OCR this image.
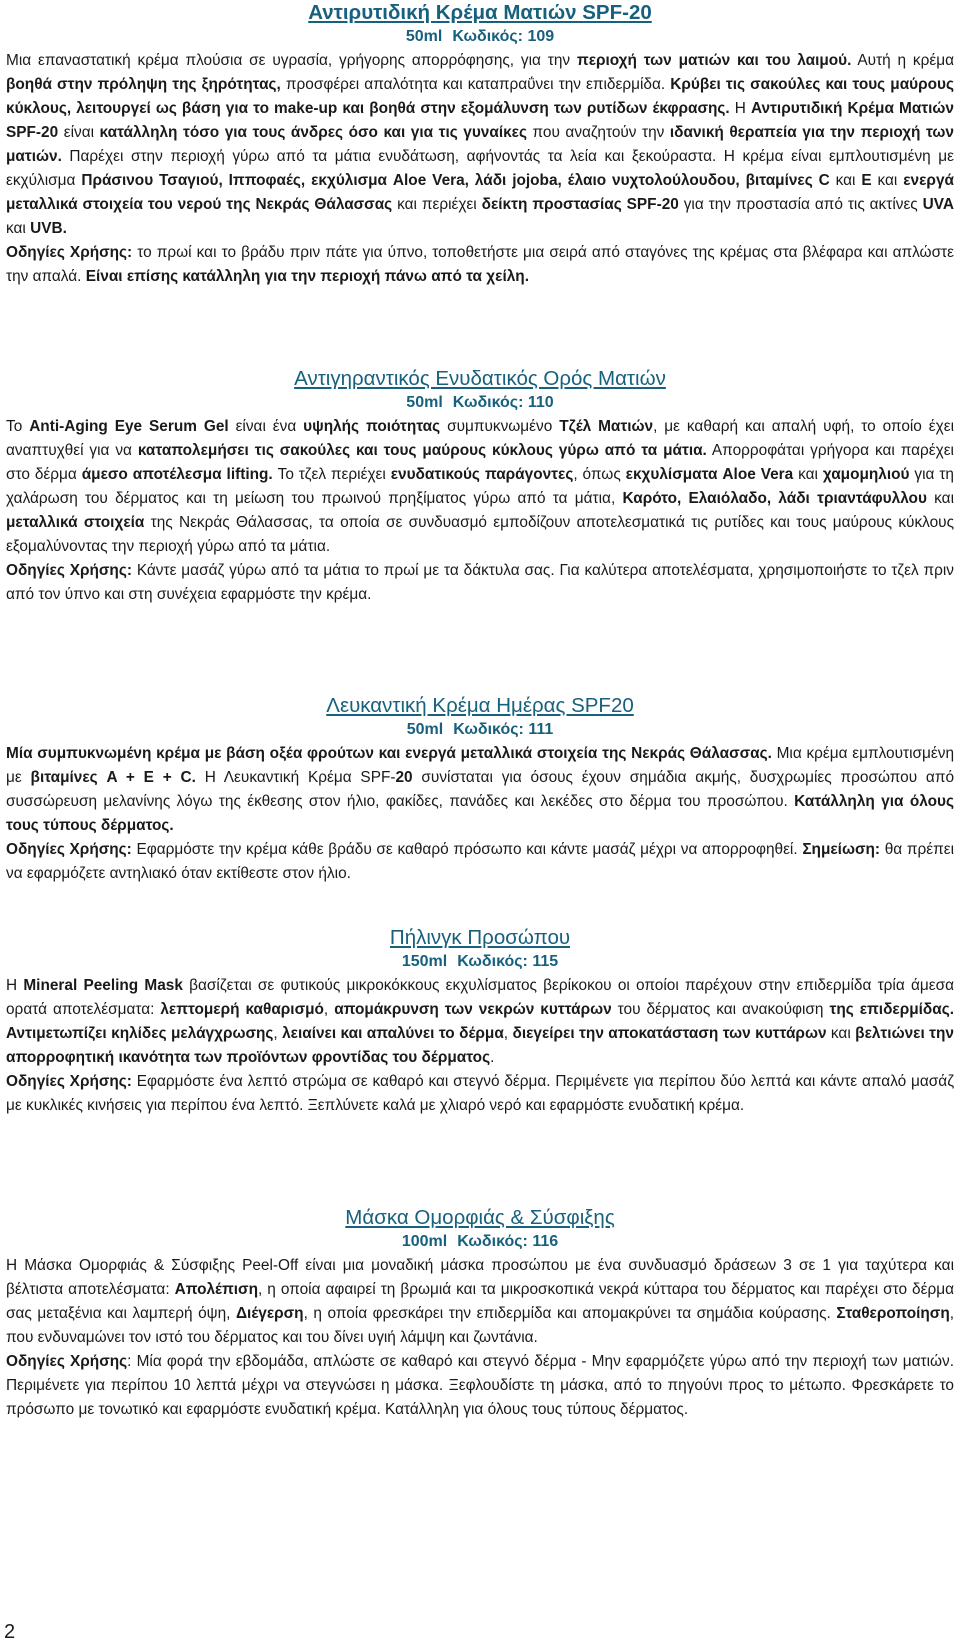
Αντιρυτιδική Κρέμα Ματιών SPF-20
50ml Κωδικός: 109

Μια επαναστατική κρέμα πλούσια σε υγρασία, γρήγορης απορρόφησης, για την περιοχή των ματιών και του λαιμού. Αυτή η κρέμα βοηθά στην πρόληψη της ξηρότητας, προσφέρει απαλότητα και καταπραΰνει την επιδερμίδα. Κρύβει τις σακούλες και τους μαύρους κύκλους, λειτουργεί ως βάση για το make-up και βοηθά στην εξομάλυνση των ρυτίδων έκφρασης. Η Αντιρυτιδική Κρέμα Ματιών SPF-20 είναι κατάλληλη τόσο για τους άνδρες όσο και για τις γυναίκες που αναζητούν την ιδανική θεραπεία για την περιοχή των ματιών. Παρέχει στην περιοχή γύρω από τα μάτια ενυδάτωση, αφήνοντάς τα λεία και ξεκούραστα. Η κρέμα είναι εμπλουτισμένη με εκχύλισμα Πράσινου Τσαγιού, Ιπποφαές, εκχύλισμα Aloe Vera, λάδι jojoba, έλαιο νυχτολούλουδου, βιταμίνες C και E και ενεργά μεταλλικά στοιχεία του νερού της Νεκράς Θάλασσας και περιέχει δείκτη προστασίας SPF-20 για την προστασία από τις ακτίνες UVA και UVB.

Οδηγίες Χρήσης: το πρωί και το βράδυ πριν πάτε για ύπνο, τοποθετήστε μια σειρά από σταγόνες της κρέμας στα βλέφαρα και απλώστε την απαλά. Είναι επίσης κατάλληλη για την περιοχή πάνω από τα χείλη.

Αντιγηραντικός Ενυδατικός Ορός Ματιών
50ml Κωδικός: 110

Το Anti-Aging Eye Serum Gel είναι ένα υψηλής ποιότητας συμπυκνωμένο Τζέλ Ματιών, με καθαρή και απαλή υφή, το οποίο έχει αναπτυχθεί για να καταπολεμήσει τις σακούλες και τους μαύρους κύκλους γύρω από τα μάτια. Απορροφάται γρήγορα και παρέχει στο δέρμα άμεσο αποτέλεσμα lifting. Το τζελ περιέχει ενυδατικούς παράγοντες, όπως εκχυλίσματα Aloe Vera και χαμομηλιού για τη χαλάρωση του δέρματος και τη μείωση του πρωινού πρηξίματος γύρω από τα μάτια, Καρότο, Ελαιόλαδο, λάδι τριαντάφυλλου και μεταλλικά στοιχεία της Νεκράς Θάλασσας, τα οποία σε συνδυασμό εμποδίζουν αποτελεσματικά τις ρυτίδες και τους μαύρους κύκλους εξομαλύνοντας την περιοχή γύρω από τα μάτια.

Οδηγίες Χρήσης: Κάντε μασάζ γύρω από τα μάτια το πρωί με τα δάκτυλα σας. Για καλύτερα αποτελέσματα, χρησιμοποιήστε το τζελ πριν από τον ύπνο και στη συνέχεια εφαρμόστε την κρέμα.

Λευκαντική Κρέμα Ημέρας SPF20
50ml Κωδικός: 111

Μία συμπυκνωμένη κρέμα με βάση οξέα φρούτων και ενεργά μεταλλικά στοιχεία της Νεκράς Θάλασσας. Μια κρέμα εμπλουτισμένη με βιταμίνες A + E + C. Η Λευκαντική Κρέμα SPF-20 συνίσταται για όσους έχουν σημάδια ακμής, δυσχρωμίες προσώπου από συσσώρευση μελανίνης λόγω της έκθεσης στον ήλιο, φακίδες, πανάδες και λεκέδες στο δέρμα του προσώπου. Κατάλληλη για όλους τους τύπους δέρματος.

Οδηγίες Χρήσης: Εφαρμόστε την κρέμα κάθε βράδυ σε καθαρό πρόσωπο και κάντε μασάζ μέχρι να απορροφηθεί. Σημείωση: θα πρέπει να εφαρμόζετε αντηλιακό όταν εκτίθεστε στον ήλιο.

Πήλινγκ Προσώπου
150ml Κωδικός: 115

Η Mineral Peeling Mask βασίζεται σε φυτικούς μικροκόκκους εκχυλίσματος βερίκοκου οι οποίοι παρέχουν στην επιδερμίδα τρία άμεσα ορατά αποτελέσματα: λεπτομερή καθαρισμό, απομάκρυνση των νεκρών κυττάρων του δέρματος και ανακούφιση της επιδερμίδας. Αντιμετωπίζει κηλίδες μελάγχρωσης, λειαίνει και απαλύνει το δέρμα, διεγείρει την αποκατάσταση των κυττάρων και βελτιώνει την απορροφητική ικανότητα των προϊόντων φροντίδας του δέρματος.

Οδηγίες Χρήσης: Εφαρμόστε ένα λεπτό στρώμα σε καθαρό και στεγνό δέρμα. Περιμένετε για περίπου δύο λεπτά και κάντε απαλό μασάζ με κυκλικές κινήσεις για περίπου ένα λεπτό. Ξεπλύνετε καλά με χλιαρό νερό και εφαρμόστε ενυδατική κρέμα.

Μάσκα Ομορφιάς & Σύσφιξης
100ml Κωδικός: 116

Η Μάσκα Ομορφιάς & Σύσφιξης Peel-Off είναι μια μοναδική μάσκα προσώπου με ένα συνδυασμό δράσεων 3 σε 1 για ταχύτερα και βέλτιστα αποτελέσματα: Απολέπιση, η οποία αφαιρεί τη βρωμιά και τα μικροσκοπικά νεκρά κύτταρα του δέρματος και παρέχει στο δέρμα σας μεταξένια και λαμπερή όψη, Διέγερση, η οποία φρεσκάρει την επιδερμίδα και απομακρύνει τα σημάδια κούρασης. Σταθεροποίηση, που ενδυναμώνει τον ιστό του δέρματος και του δίνει υγιή λάμψη και ζωντάνια.

Οδηγίες Χρήσης: Μία φορά την εβδομάδα, απλώστε σε καθαρό και στεγνό δέρμα - Μην εφαρμόζετε γύρω από την περιοχή των ματιών. Περιμένετε για περίπου 10 λεπτά μέχρι να στεγνώσει η μάσκα. Ξεφλουδίστε τη μάσκα, από το πηγούνι προς το μέτωπο. Φρεσκάρετε το πρόσωπο με τονωτικό και εφαρμόστε ενυδατική κρέμα. Κατάλληλη για όλους τους τύπους δέρματος.

2
